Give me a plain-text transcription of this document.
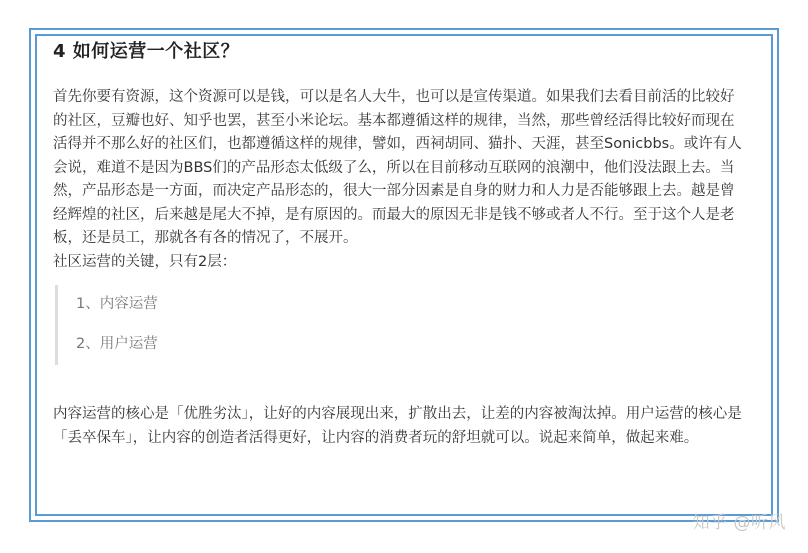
4 如何运营一个社区？

首先你要有资源，这个资源可以是钱，可以是名人大牛，也可以是宣传渠道。如果我们去看目前活的比较好的社区，豆瓣也好、知乎也罢，甚至小米论坛。基本都遵循这样的规律，当然，那些曾经活得比较好而现在活得并不那么好的社区们，也都遵循这样的规律，譬如，西祠胡同、猫扑、天涯，甚至Sonicbbs。或许有人会说，难道不是因为BBS们的产品形态太低级了么，所以在目前移动互联网的浪潮中，他们没法跟上去。当然，产品形态是一方面，而决定产品形态的，很大一部分因素是自身的财力和人力是否能够跟上去。越是曾经辉煌的社区，后来越是尾大不掉，是有原因的。而最大的原因无非是钱不够或者人不行。至于这个人是老板，还是员工，那就各有各的情况了，不展开。
社区运营的关键，只有2层：

1、内容运营
2、用户运营

内容运营的核心是「优胜劣汰」，让好的内容展现出来，扩散出去，让差的内容被淘汰掉。用户运营的核心是「丢卒保车」，让内容的创造者活得更好，让内容的消费者玩的舒坦就可以。说起来简单，做起来难。

知乎 @听风
